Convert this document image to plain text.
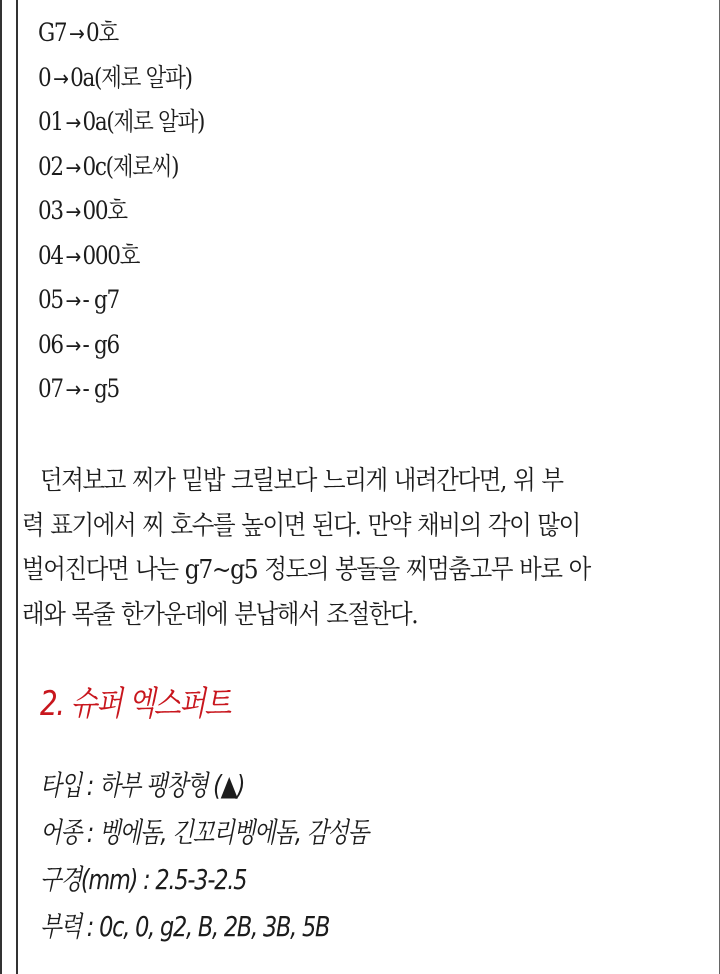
G7 → 0호
0 → 0a(제로 알파)
01 → 0a(제로 알파)
02 → 0c(제로씨)
03 → 00호
04 → 000호
05 → - g7
06 → - g6
07 → - g5

던져보고 찌가 밑밥 크릴보다 느리게 내려간다면, 위 부
력 표기에서 찌 호수를 높이면 된다. 만약 채비의 각이 많이
벌어진다면 나는 g7~g5 정도의 봉돌을 찌멈춤고무 바로 아
래와 목줄 한가운데에 분납해서 조절한다.

2. 슈퍼 엑스퍼트
타입 : 하부 팽창형 (▲)
어종 : 벵에돔, 긴꼬리벵에돔, 감성돔
구경(mm) : 2.5-3-2.5
부력 : 0c, 0, g2, B, 2B, 3B, 5B
